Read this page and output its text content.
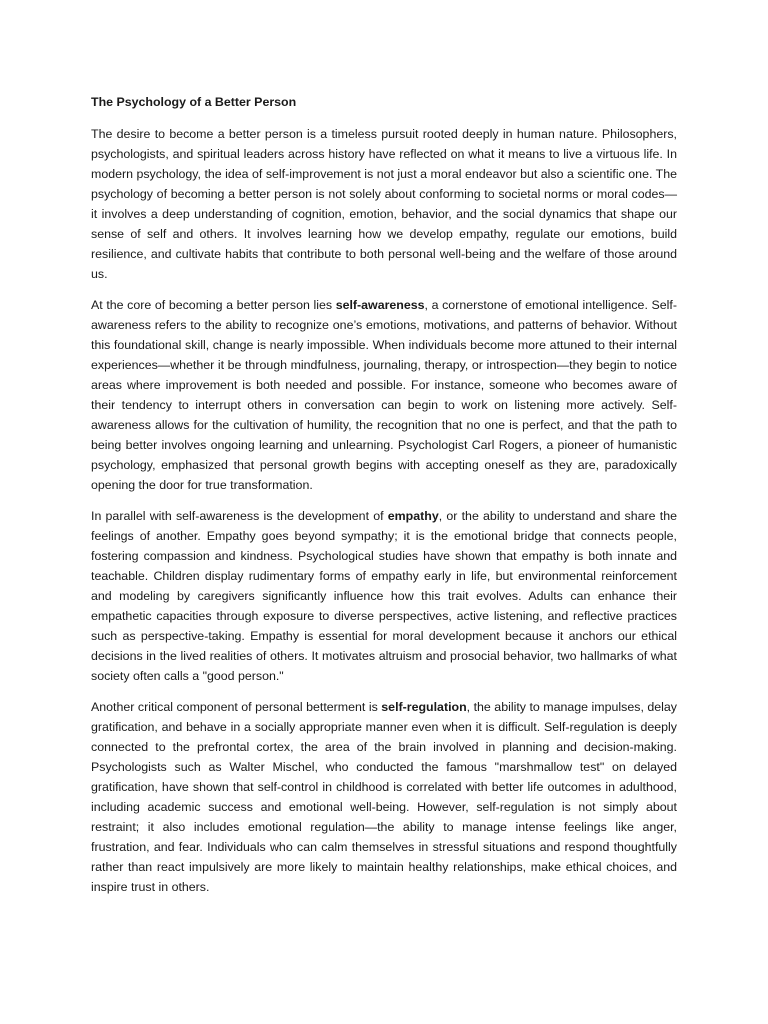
The Psychology of a Better Person

The desire to become a better person is a timeless pursuit rooted deeply in human nature. Philosophers, psychologists, and spiritual leaders across history have reflected on what it means to live a virtuous life. In modern psychology, the idea of self-improvement is not just a moral endeavor but also a scientific one. The psychology of becoming a better person is not solely about conforming to societal norms or moral codes—it involves a deep understanding of cognition, emotion, behavior, and the social dynamics that shape our sense of self and others. It involves learning how we develop empathy, regulate our emotions, build resilience, and cultivate habits that contribute to both personal well-being and the welfare of those around us.

At the core of becoming a better person lies self-awareness, a cornerstone of emotional intelligence. Self-awareness refers to the ability to recognize one’s emotions, motivations, and patterns of behavior. Without this foundational skill, change is nearly impossible. When individuals become more attuned to their internal experiences—whether it be through mindfulness, journaling, therapy, or introspection—they begin to notice areas where improvement is both needed and possible. For instance, someone who becomes aware of their tendency to interrupt others in conversation can begin to work on listening more actively. Self-awareness allows for the cultivation of humility, the recognition that no one is perfect, and that the path to being better involves ongoing learning and unlearning. Psychologist Carl Rogers, a pioneer of humanistic psychology, emphasized that personal growth begins with accepting oneself as they are, paradoxically opening the door for true transformation.

In parallel with self-awareness is the development of empathy, or the ability to understand and share the feelings of another. Empathy goes beyond sympathy; it is the emotional bridge that connects people, fostering compassion and kindness. Psychological studies have shown that empathy is both innate and teachable. Children display rudimentary forms of empathy early in life, but environmental reinforcement and modeling by caregivers significantly influence how this trait evolves. Adults can enhance their empathetic capacities through exposure to diverse perspectives, active listening, and reflective practices such as perspective-taking. Empathy is essential for moral development because it anchors our ethical decisions in the lived realities of others. It motivates altruism and prosocial behavior, two hallmarks of what society often calls a "good person."

Another critical component of personal betterment is self-regulation, the ability to manage impulses, delay gratification, and behave in a socially appropriate manner even when it is difficult. Self-regulation is deeply connected to the prefrontal cortex, the area of the brain involved in planning and decision-making. Psychologists such as Walter Mischel, who conducted the famous "marshmallow test" on delayed gratification, have shown that self-control in childhood is correlated with better life outcomes in adulthood, including academic success and emotional well-being. However, self-regulation is not simply about restraint; it also includes emotional regulation—the ability to manage intense feelings like anger, frustration, and fear. Individuals who can calm themselves in stressful situations and respond thoughtfully rather than react impulsively are more likely to maintain healthy relationships, make ethical choices, and inspire trust in others.
